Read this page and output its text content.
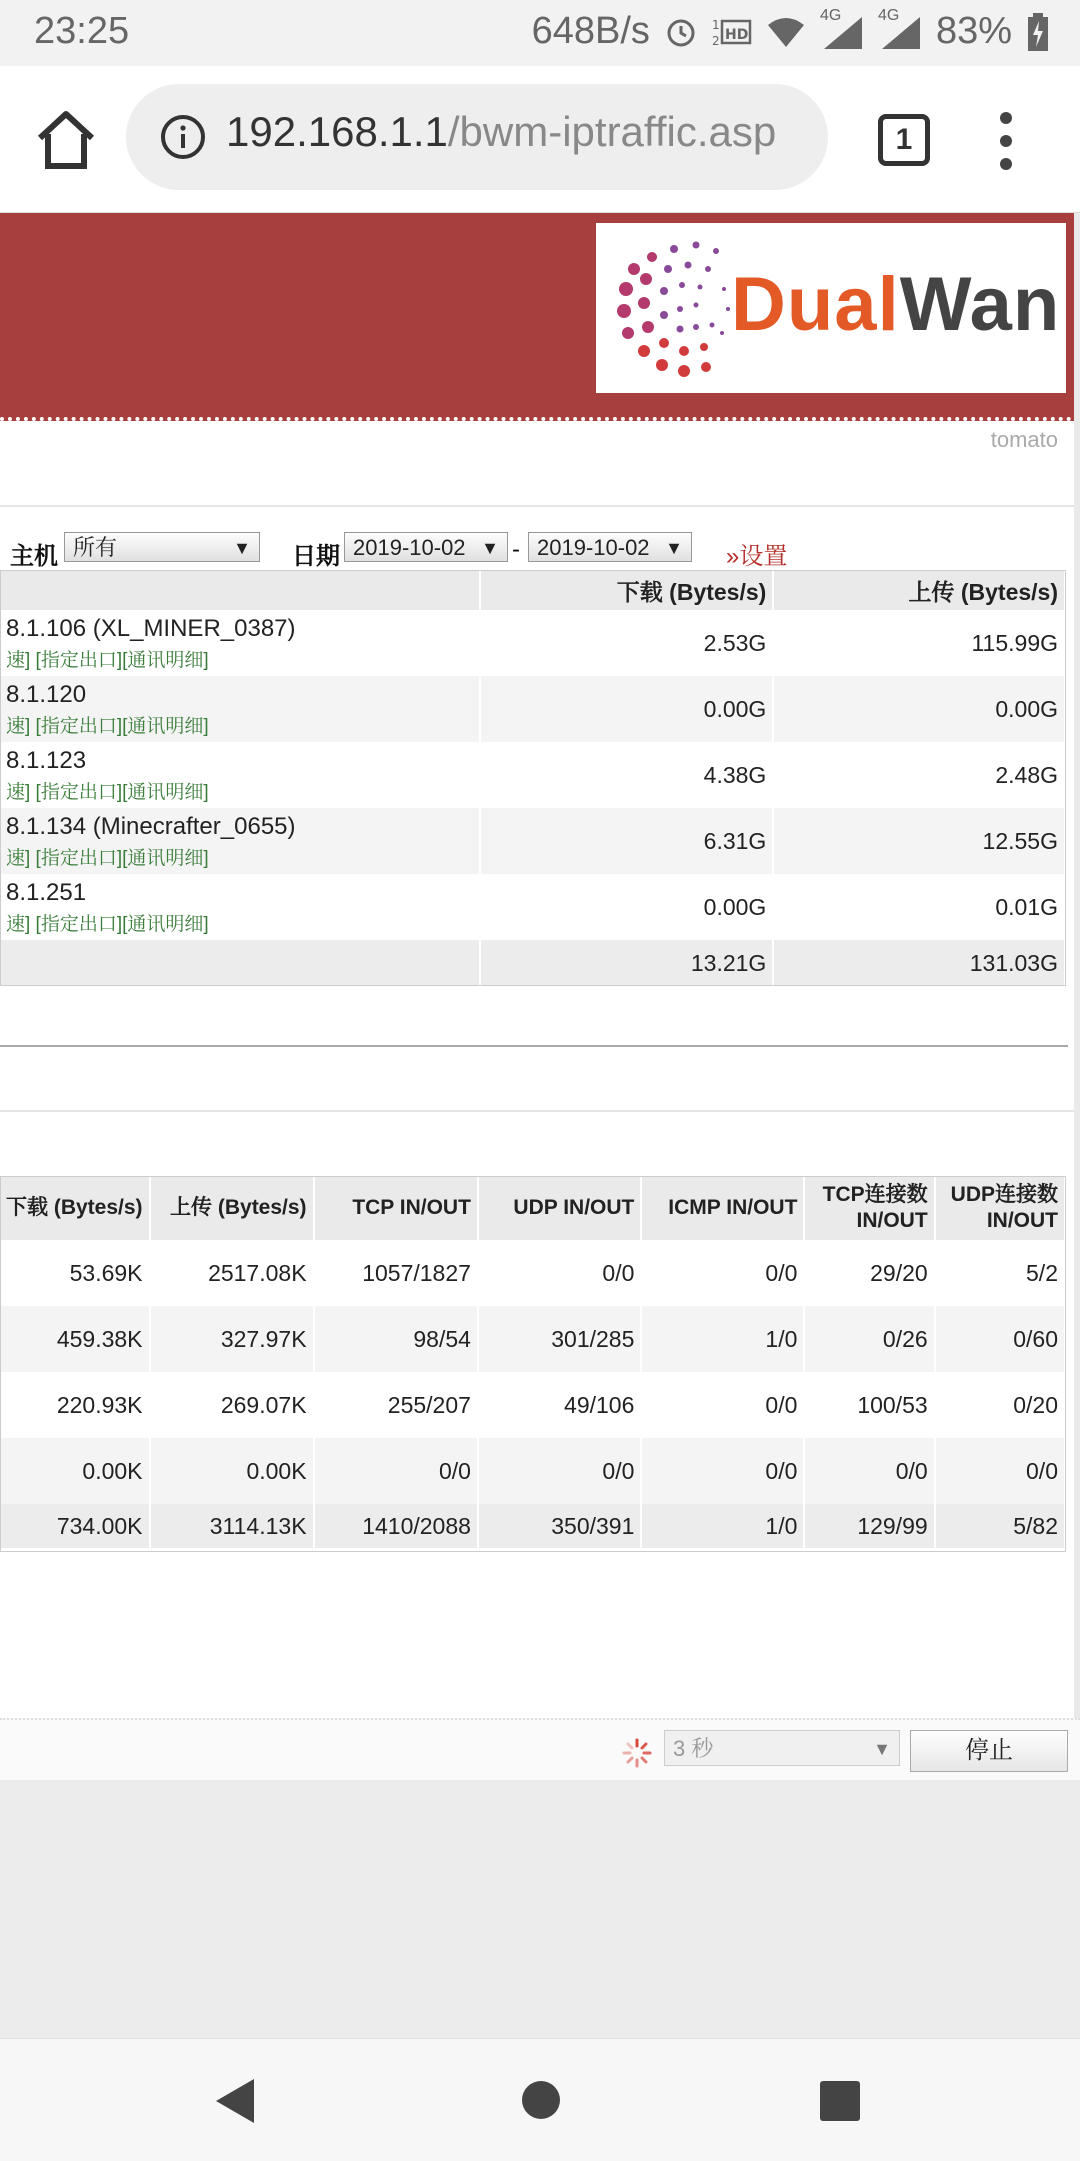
23:25	648B/s	1
2 HD
4G 4G 83%
192.168.1.1/bwm-iptraffic.asp	1
DualWan
tomato
主机 所有	▼ 日期 2019-10-02 ▼ - 2019-10-02 ▼ »设置
	下载 (Bytes/s)	上传 (Bytes/s)

8.1.106 (XL_MINER_0387)
速] [指定出口][通讯明细]	2.53G	115.99G

8.1.120
速] [指定出口][通讯明细]	0.00G	0.00G

8.1.123
速] [指定出口][通讯明细]	4.38G	2.48G

8.1.134 (Minecrafter_0655)
速] [指定出口][通讯明细]	6.31G	12.55G

8.1.251
速] [指定出口][通讯明细]	0.00G	0.01G
	13.21G	131.03G
下载 (Bytes/s)	上传 (Bytes/s)	TCP IN/OUT	UDP IN/OUT	ICMP IN/OUT	TCP连接数 IN/OUT	UDP连接数 IN/OUT
53.69K	2517.08K	1057/1827	0/0	0/0	29/20	5/2
459.38K	327.97K	98/54	301/285	1/0	0/26	0/60
220.93K	269.07K	255/207	49/106	0/0	100/53	0/20
0.00K	0.00K	0/0	0/0	0/0	0/0	0/0
734.00K	3114.13K	1410/2088	350/391	1/0	129/99	5/82
3 秒	▼	停止
